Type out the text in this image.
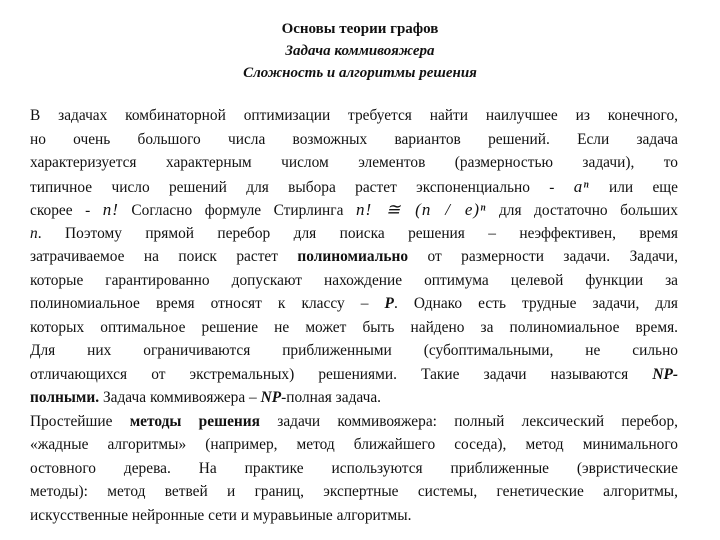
Основы теории графов
Задача коммивояжера
Сложность и алгоритмы решения
В задачах комбинаторной оптимизации требуется найти наилучшее из конечного,
но очень большого числа возможных вариантов решений. Если задача
характеризуется характерным числом элементов (размерностью задачи), то
типичное число решений для выбора растет экспоненциально - aⁿ или еще
скорее - n! Согласно формуле Стирлинга n! ≅ (n / e)ⁿ для достаточно больших
n. Поэтому прямой перебор для поиска решения – неэффективен, время
затрачиваемое на поиск растет полиномиально от размерности задачи. Задачи,
которые гарантированно допускают нахождение оптимума целевой функции за
полиномиальное время относят к классу – P. Однако есть трудные задачи, для
которых оптимальное решение не может быть найдено за полиномиальное время.
Для них ограничиваются приближенными (субоптимальными, не сильно
отличающихся от экстремальных) решениями. Такие задачи называются NP-
полными. Задача коммивояжера – NP-полная задача.
Простейшие методы решения задачи коммивояжера: полный лексический перебор,
«жадные алгоритмы» (например, метод ближайшего соседа), метод минимального
остовного дерева. На практике используются приближенные (эвристические
методы): метод ветвей и границ, экспертные системы, генетические алгоритмы,
искусственные нейронные сети и муравьиные алгоритмы.
